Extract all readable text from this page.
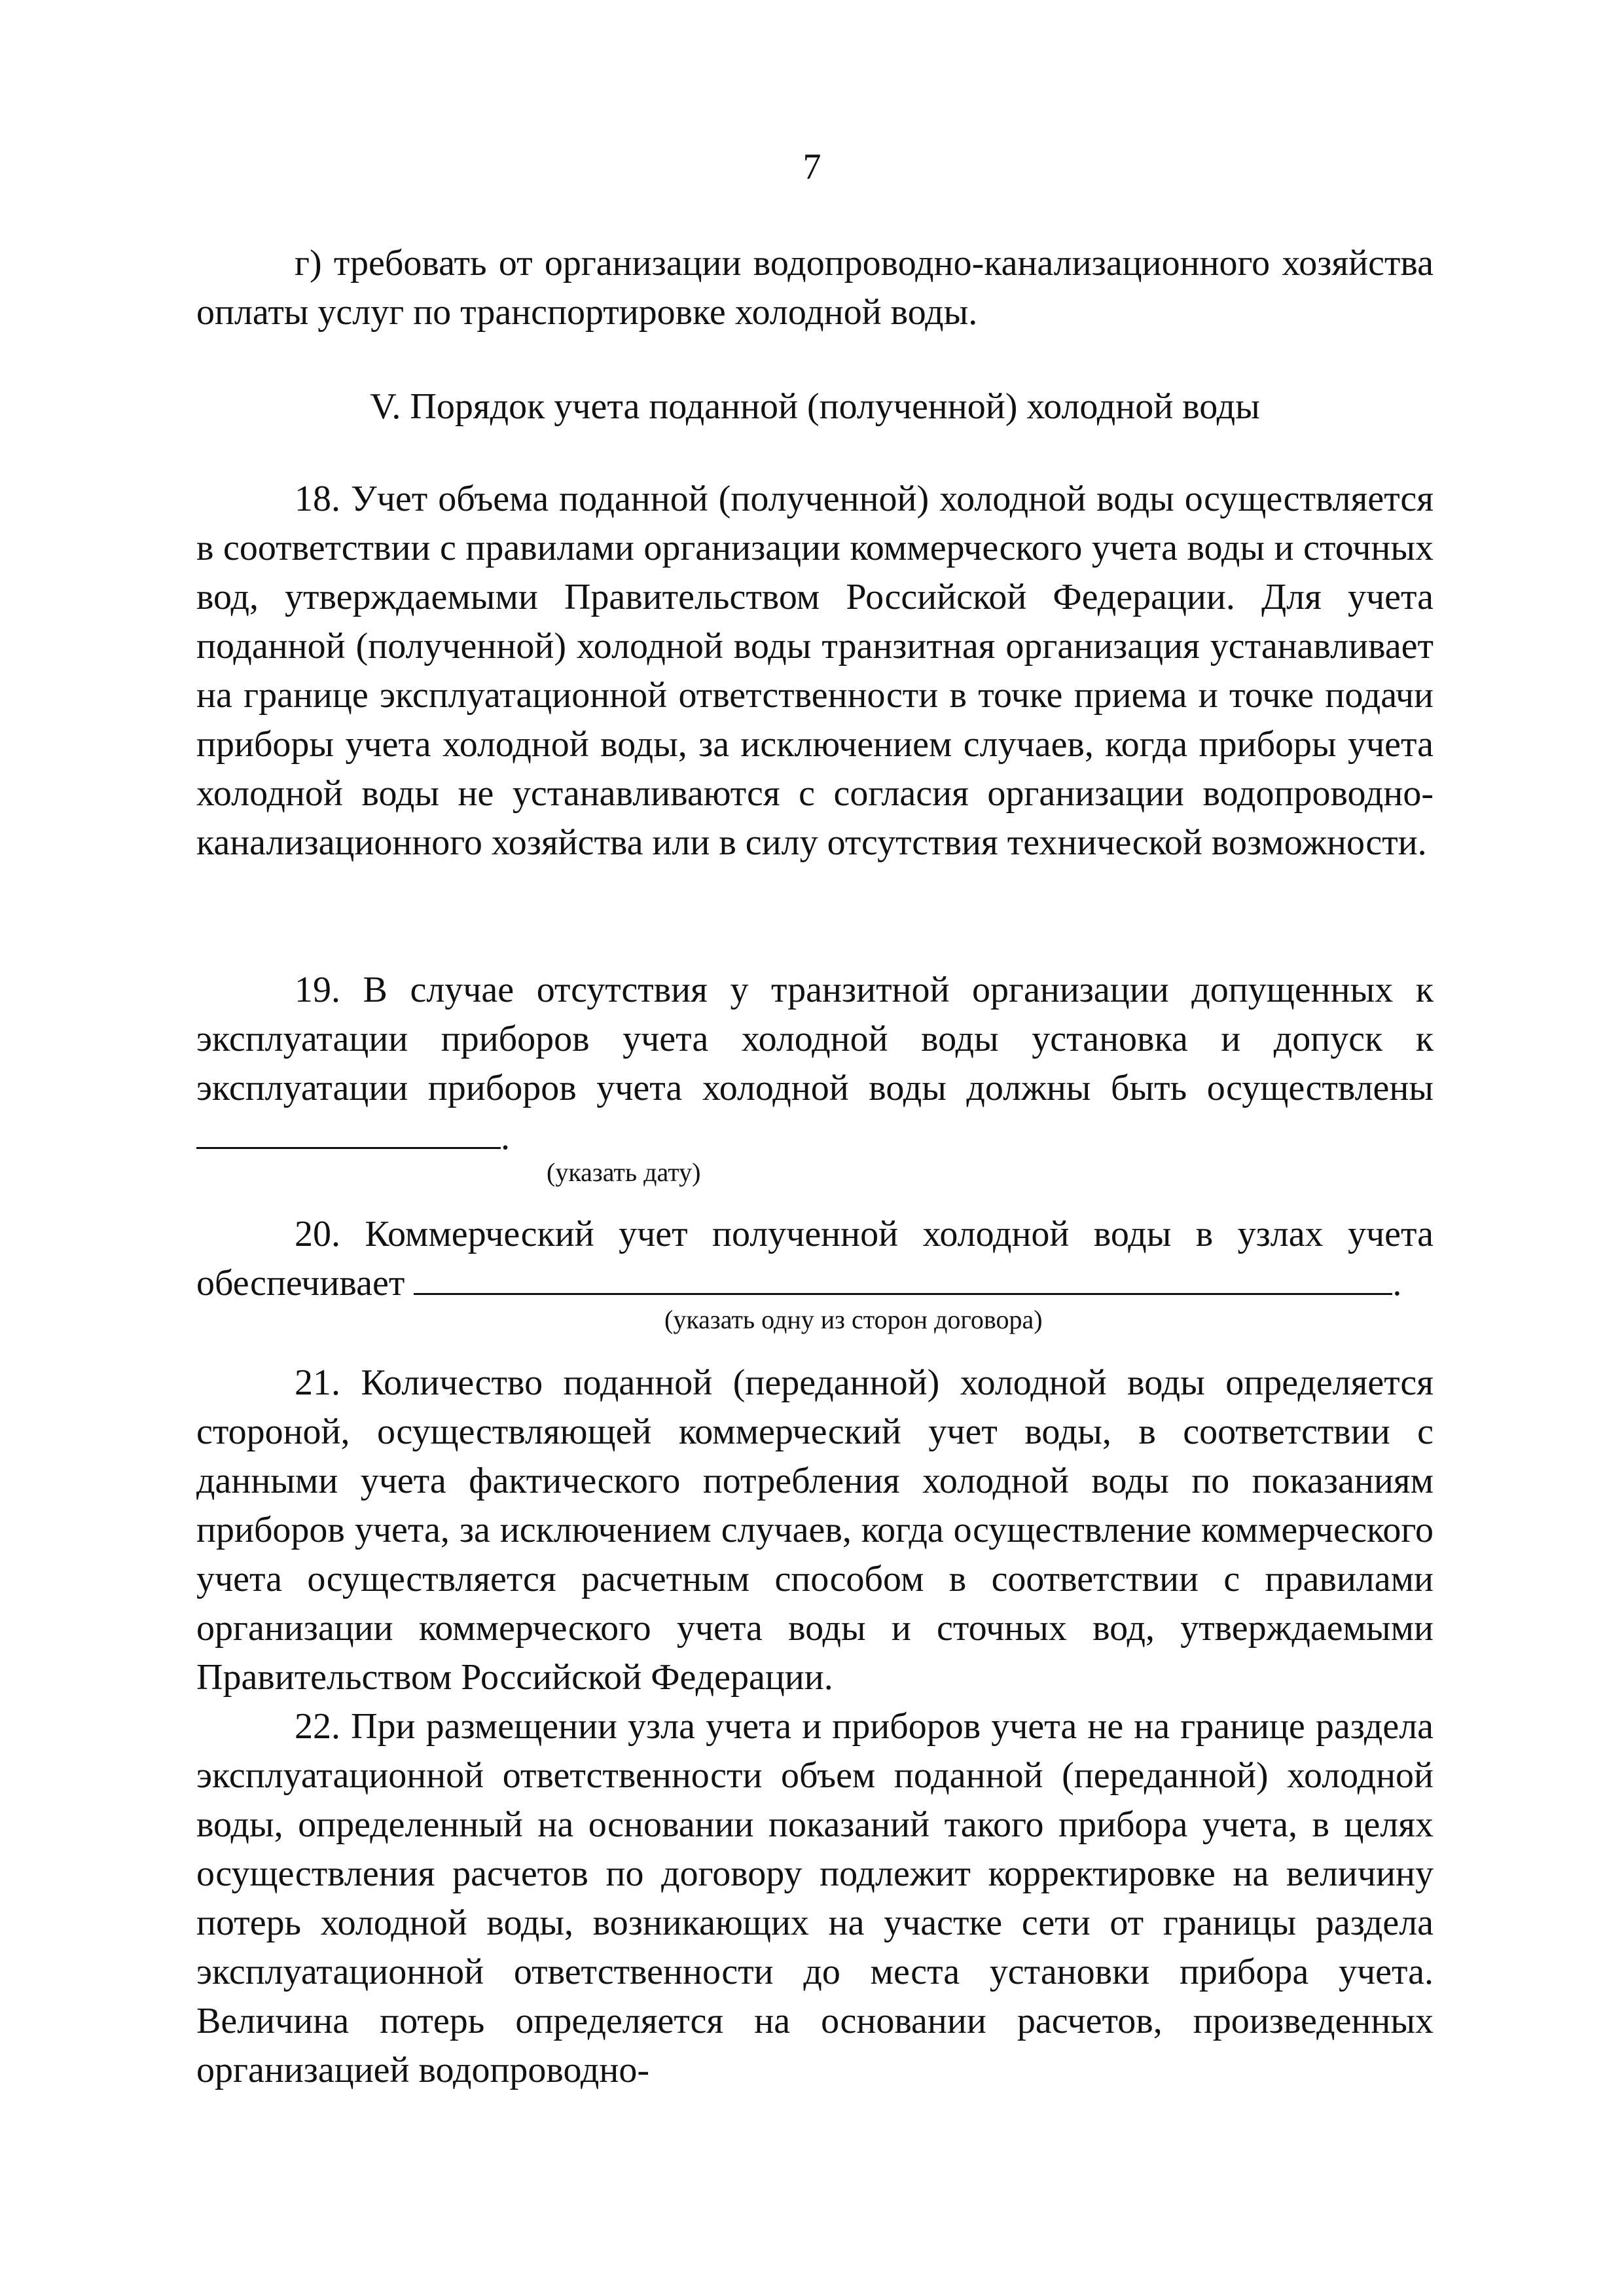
7

г) требовать от организации водопроводно-канализационного хозяйства оплаты услуг по транспортировке холодной воды.

V. Порядок учета поданной (полученной) холодной воды

18. Учет объема поданной (полученной) холодной воды осуществляется в соответствии с правилами организации коммерческого учета воды и сточных вод, утверждаемыми Правительством Российской Федерации. Для учета поданной (полученной) холодной воды транзитная организация устанавливает на границе эксплуатационной ответственности в точке приема и точке подачи приборы учета холодной воды, за исключением случаев, когда приборы учета холодной воды не устанавливаются с согласия организации водопроводно-канализационного хозяйства или в силу отсутствия технической возможности.

19. В случае отсутствия у транзитной организации допущенных к эксплуатации приборов учета холодной воды установка и допуск к эксплуатации приборов учета холодной воды должны быть осуществлены .

(указать дату)

20. Коммерческий учет полученной холодной воды в узлах учета обеспечивает	.

(указать одну из сторон договора)

21. Количество поданной (переданной) холодной воды определяется стороной, осуществляющей коммерческий учет воды, в соответствии с данными учета фактического потребления холодной воды по показаниям приборов учета, за исключением случаев, когда осуществление коммерческого учета осуществляется расчетным способом в соответствии с правилами организации коммерческого учета воды и сточных вод, утверждаемыми Правительством Российской Федерации.

22. При размещении узла учета и приборов учета не на границе раздела эксплуатационной ответственности объем поданной (переданной) холодной воды, определенный на основании показаний такого прибора учета, в целях осуществления расчетов по договору подлежит корректировке на величину потерь холодной воды, возникающих на участке сети от границы раздела эксплуатационной ответственности до места установки прибора учета. Величина потерь определяется на основании расчетов, произведенных организацией водопроводно-
